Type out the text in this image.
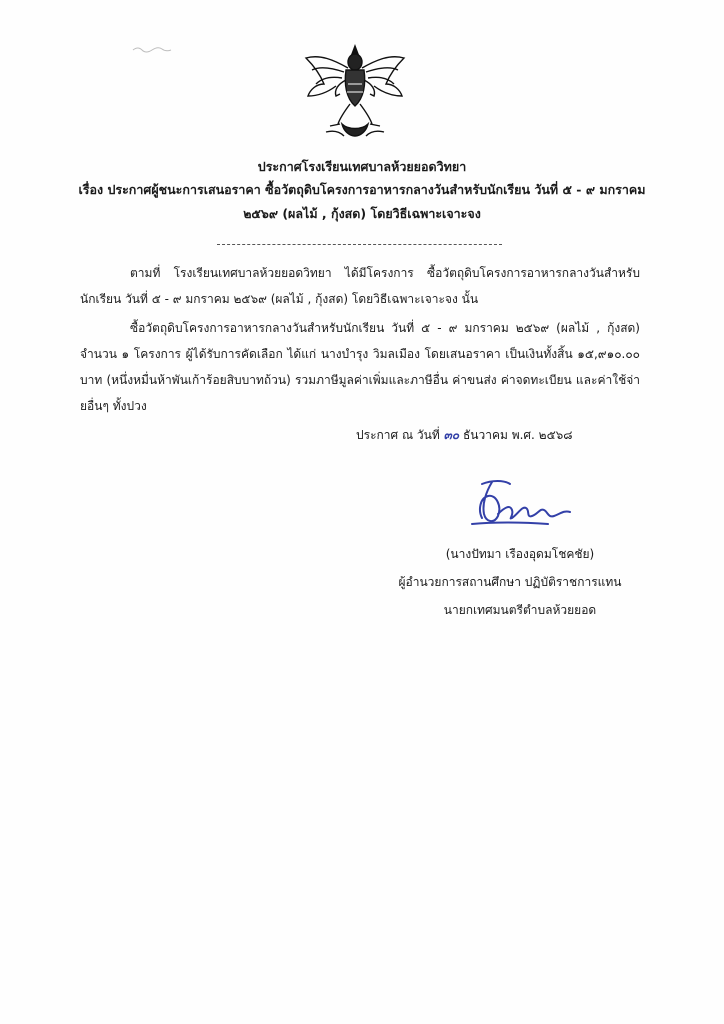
ประกาศโรงเรียนเทศบาลห้วยยอดวิทยา
เรื่อง ประกาศผู้ชนะการเสนอราคา ซื้อวัตถุดิบโครงการอาหารกลางวันสำหรับนักเรียน วันที่ ๕ - ๙ มกราคม
๒๕๖๙ (ผลไม้ , กุ้งสด) โดยวิธีเฉพาะเจาะจง
ตามที่ โรงเรียนเทศบาลห้วยยอดวิทยา ได้มีโครงการ ซื้อวัตถุดิบโครงการอาหารกลางวันสำหรับนักเรียน วันที่ ๕ - ๙ มกราคม ๒๕๖๙ (ผลไม้ , กุ้งสด) โดยวิธีเฉพาะเจาะจง นั้น
ซื้อวัตถุดิบโครงการอาหารกลางวันสำหรับนักเรียน วันที่ ๕ - ๙ มกราคม ๒๕๖๙ (ผลไม้ , กุ้งสด) จำนวน ๑ โครงการ ผู้ได้รับการคัดเลือก ได้แก่ นางบำรุง วิมลเมือง โดยเสนอราคา เป็นเงินทั้งสิ้น ๑๕,๙๑๐.๐๐ บาท (หนึ่งหมื่นห้าพันเก้าร้อยสิบบาทถ้วน) รวมภาษีมูลค่าเพิ่มและภาษีอื่น ค่าขนส่ง ค่าจดทะเบียน และค่าใช้จ่ายอื่นๆ ทั้งปวง
ประกาศ ณ วันที่ ๓๐ ธันวาคม พ.ศ. ๒๕๖๘
(นางปัทมา เรืองอุดมโชคชัย)
ผู้อำนวยการสถานศึกษา ปฏิบัติราชการแทน
นายกเทศมนตรีตำบลห้วยยอด
